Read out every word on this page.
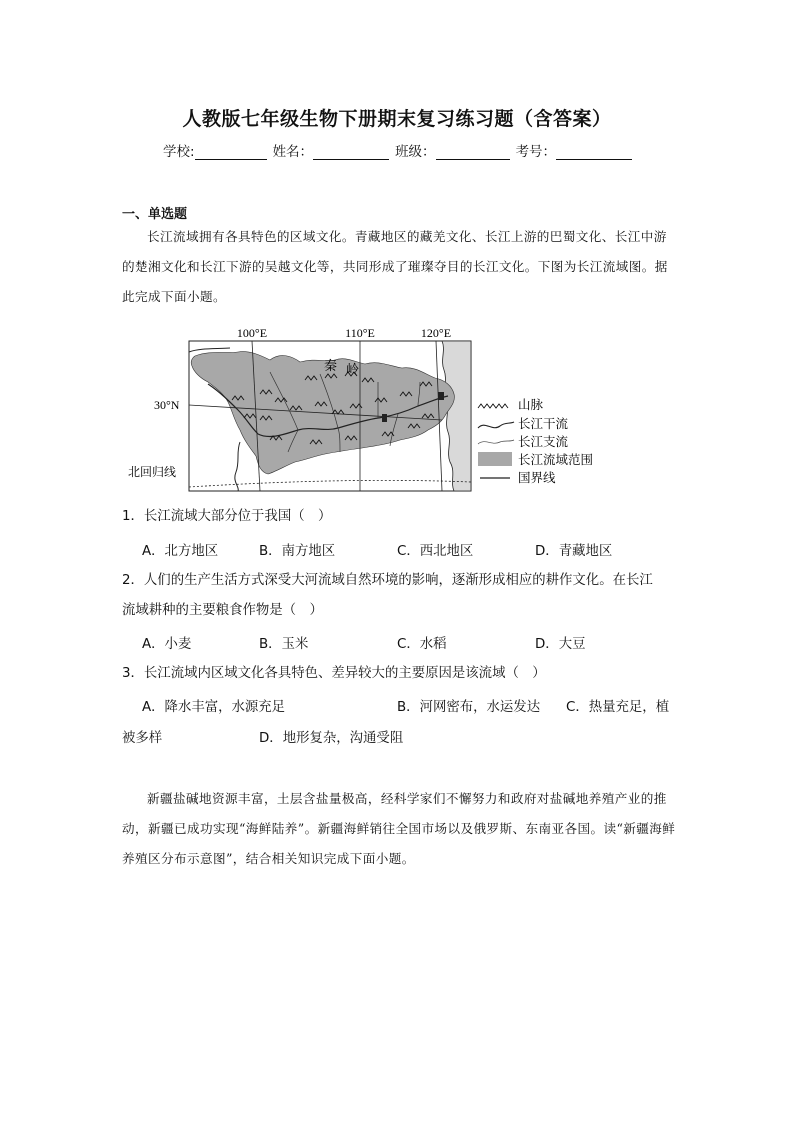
人教版七年级生物下册期末复习练习题（含答案）
学校:	姓名：	班级：	考号：
一、单选题
长江流域拥有各具特色的区域文化。青藏地区的藏羌文化、长江上游的巴蜀文化、长江中游的楚湘文化和长江下游的吴越文化等，共同形成了璀璨夺目的长江文化。下图为长江流域图。据此完成下面小题。
100°E	110°E	120°E
30°N
北回归线
秦 岭
山脉
长江干流
长江支流
长江流域范围
国界线
1．长江流域大部分位于我国（　）
A．北方地区	B．南方地区	C．西北地区	D．青藏地区
2．人们的生产生活方式深受大河流域自然环境的影响，逐渐形成相应的耕作文化。在长江
流域耕种的主要粮食作物是（　）
A．小麦	B．玉米	C．水稻	D．大豆
3．长江流域内区域文化各具特色、差异较大的主要原因是该流域（　）
A．降水丰富，水源充足	B．河网密布，水运发达 C．热量充足，植
被多样	D．地形复杂，沟通受阻
新疆盐碱地资源丰富，土层含盐量极高，经科学家们不懈努力和政府对盐碱地养殖产业的推动，新疆已成功实现“海鲜陆养”。新疆海鲜销往全国市场以及俄罗斯、东南亚各国。读“新疆海鲜养殖区分布示意图”，结合相关知识完成下面小题。
